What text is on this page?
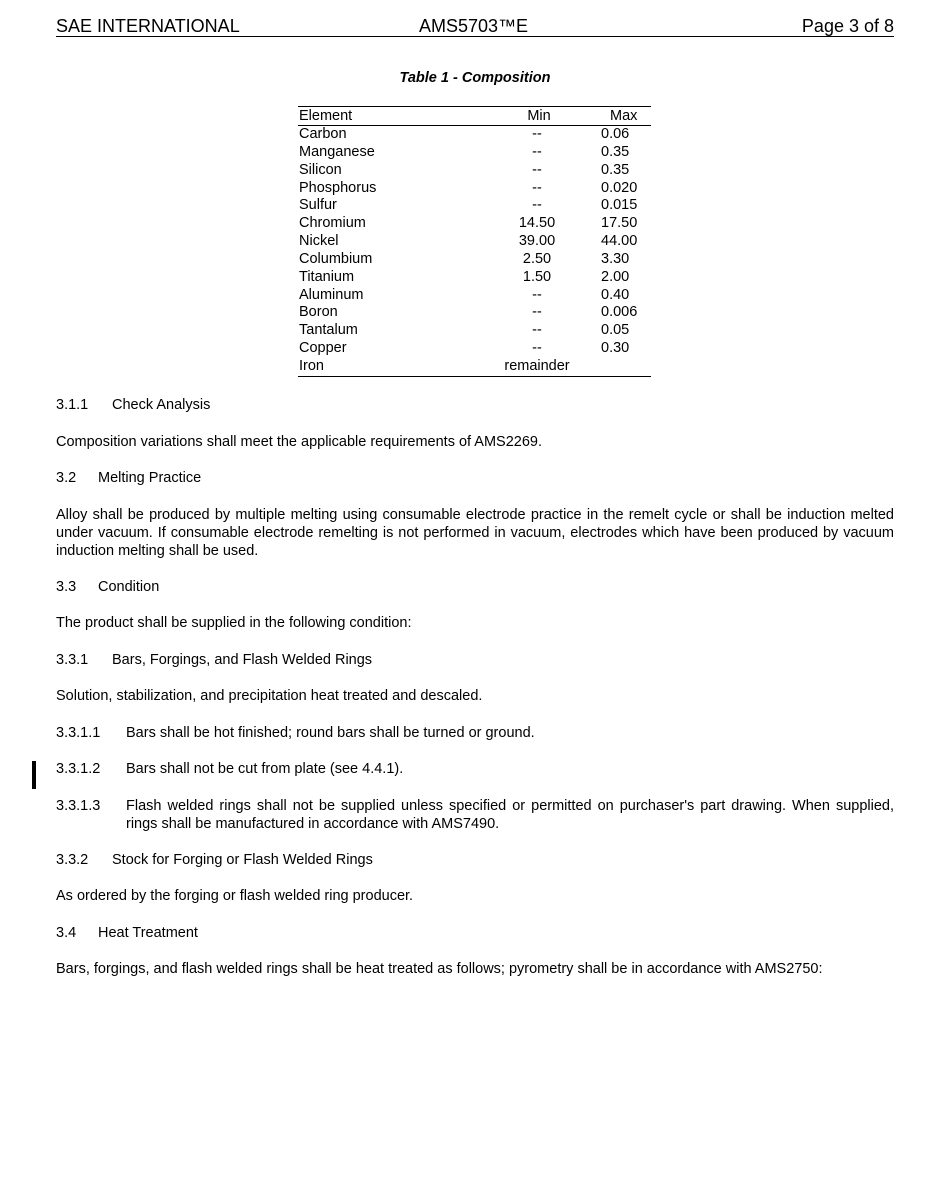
SAE INTERNATIONAL	AMS5703™E	Page 3 of 8
Table 1 - Composition
Element	Min	Max
Carbon	--	0.06
Manganese	--	0.35
Silicon	--	0.35
Phosphorus	--	0.020
Sulfur	--	0.015
Chromium	14.50	17.50
Nickel	39.00	44.00
Columbium	2.50	3.30
Titanium	1.50	2.00
Aluminum	--	0.40
Boron	--	0.006
Tantalum	--	0.05
Copper	--	0.30
Iron	remainder
3.1.1 Check Analysis
Composition variations shall meet the applicable requirements of AMS2269.
3.2 Melting Practice
Alloy shall be produced by multiple melting using consumable electrode practice in the remelt cycle or shall be induction melted under vacuum. If consumable electrode remelting is not performed in vacuum, electrodes which have been produced by vacuum induction melting shall be used.
3.3 Condition
The product shall be supplied in the following condition:
3.3.1 Bars, Forgings, and Flash Welded Rings
Solution, stabilization, and precipitation heat treated and descaled.
3.3.1.1	Bars shall be hot finished; round bars shall be turned or ground.
3.3.1.2	Bars shall not be cut from plate (see 4.4.1).
3.3.1.3	Flash welded rings shall not be supplied unless specified or permitted on purchaser's part drawing. When supplied, rings shall be manufactured in accordance with AMS7490.
3.3.2 Stock for Forging or Flash Welded Rings
As ordered by the forging or flash welded ring producer.
3.4 Heat Treatment
Bars, forgings, and flash welded rings shall be heat treated as follows; pyrometry shall be in accordance with AMS2750:
